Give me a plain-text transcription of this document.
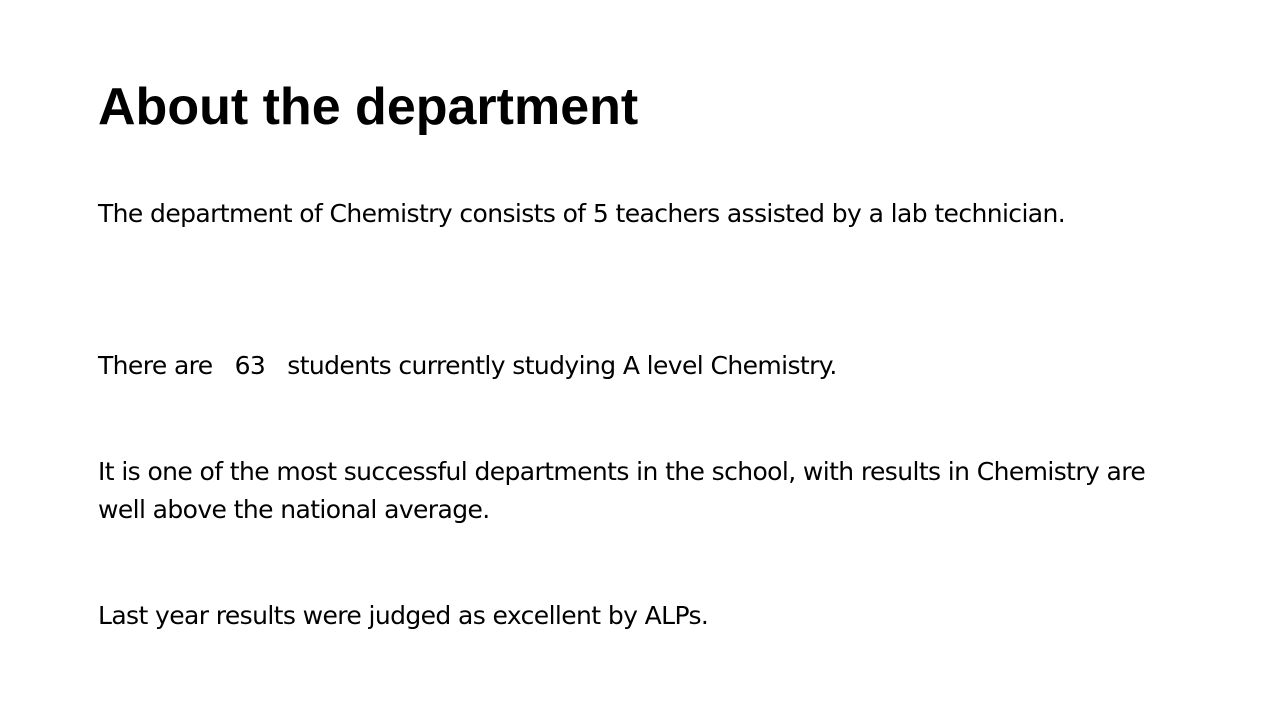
About the department

The department of Chemistry consists of 5 teachers assisted by a lab technician.

There are   63   students currently studying A level Chemistry.

It is one of the most successful departments in the school, with results in Chemistry are well above the national average.

Last year results were judged as excellent by ALPs.
